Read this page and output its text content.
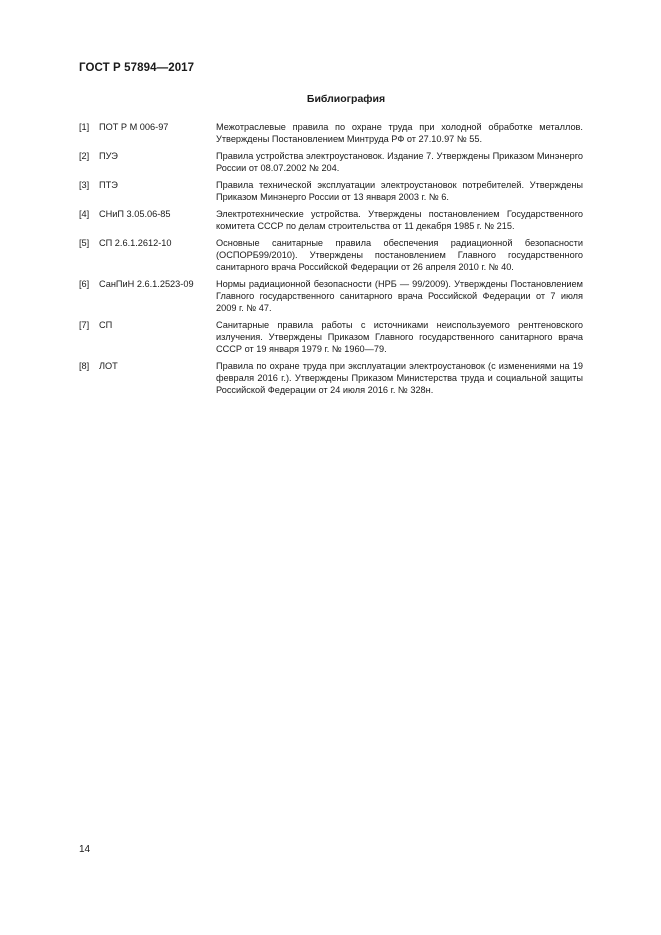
ГОСТ Р 57894—2017
Библиография
[1]	ПОТ Р М 006-97	Межотраслевые правила по охране труда при холодной обработке металлов. Утверждены Постановлением Минтруда РФ от 27.10.97 № 55.
[2]	ПУЭ	Правила устройства электроустановок. Издание 7. Утверждены Приказом Минэнерго России от 08.07.2002 № 204.
[3]	ПТЭ	Правила технической эксплуатации электроустановок потребителей. Утверждены Приказом Минэнерго России от 13 января 2003 г. № 6.
[4]	СНиП 3.05.06-85	Электротехнические устройства. Утверждены постановлением Государственного комитета СССР по делам строительства от 11 декабря 1985 г. № 215.
[5]	СП 2.6.1.2612-10	Основные санитарные правила обеспечения радиационной безопасности (ОСПОРБ99/2010). Утверждены постановлением Главного государственного санитарного врача Российской Федерации от 26 апреля 2010 г. № 40.
[6]	СанПиН 2.6.1.2523-09	Нормы радиационной безопасности (НРБ — 99/2009). Утверждены Постановлением Главного государственного санитарного врача Российской Федерации от 7 июля 2009 г. № 47.
[7]	СП	Санитарные правила работы с источниками неиспользуемого рентгеновского излучения. Утверждены Приказом Главного государственного санитарного врача СССР от 19 января 1979 г. № 1960—79.
[8]	ЛОТ	Правила по охране труда при эксплуатации электроустановок (с изменениями на 19 февраля 2016 г.). Утверждены Приказом Министерства труда и социальной защиты Российской Федерации от 24 июля 2016 г. № 328н.
14
